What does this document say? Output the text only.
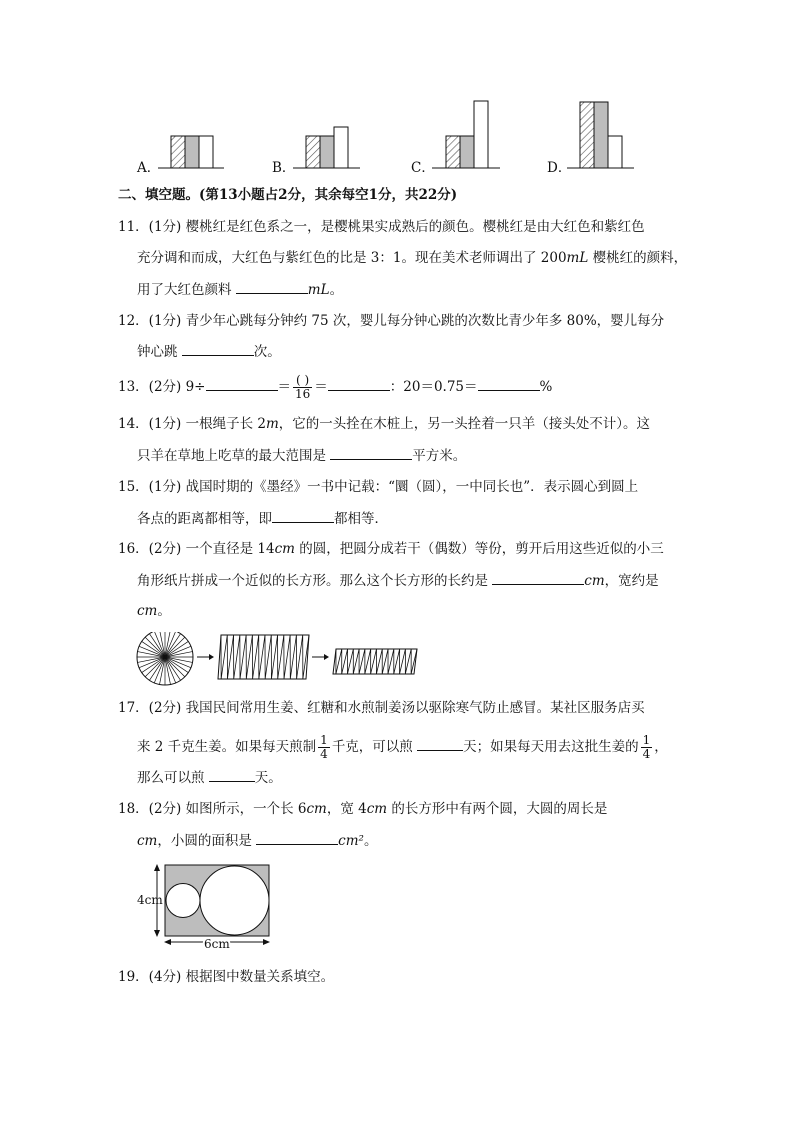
A．	B．	C．	D．
二、填空题。(第13小题占2分，其余每空1分，共22分)
11．(1分) 樱桃红是红色系之一，是樱桃果实成熟后的颜色。樱桃红是由大红色和紫红色
充分调和而成，大红色与紫红色的比是 3：1。现在美术老师调出了 200mL 樱桃红的颜料，
用了大红色颜料	mL。
12．(1分) 青少年心跳每分钟约 75 次，婴儿每分钟心跳的次数比青少年多 80%，婴儿每分
钟心跳	次。
13．(2分) 9÷	＝ $\frac{( )}{16}$ ＝	：20＝0.75＝	%
14．(1分) 一根绳子长 2m，它的一头拴在木桩上，另一头拴着一只羊（接头处不计）。这
只羊在草地上吃草的最大范围是	平方米。
15．(1分) 战国时期的《墨经》一书中记载：“圜（圆），一中同长也”．表示圆心到圆上
各点的距离都相等，即	都相等．
16．(2分) 一个直径是 14cm 的圆，把圆分成若干（偶数）等份，剪开后用这些近似的小三
角形纸片拼成一个近似的长方形。那么这个长方形的长约是	cm，宽约是
cm。
17．(2分) 我国民间常用生姜、红糖和水煎制姜汤以驱除寒气防止感冒。某社区服务店买
来 2 千克生姜。如果每天煎制 $\frac{1}{4}$ 千克，可以煎	天；如果每天用去这批生姜的 $\frac{1}{4}$ ，
那么可以煎	天。
18．(2分) 如图所示，一个长 6cm，宽 4cm 的长方形中有两个圆，大圆的周长是
cm，小圆的面积是	cm²。
4cm
6cm
19．(4分) 根据图中数量关系填空。
